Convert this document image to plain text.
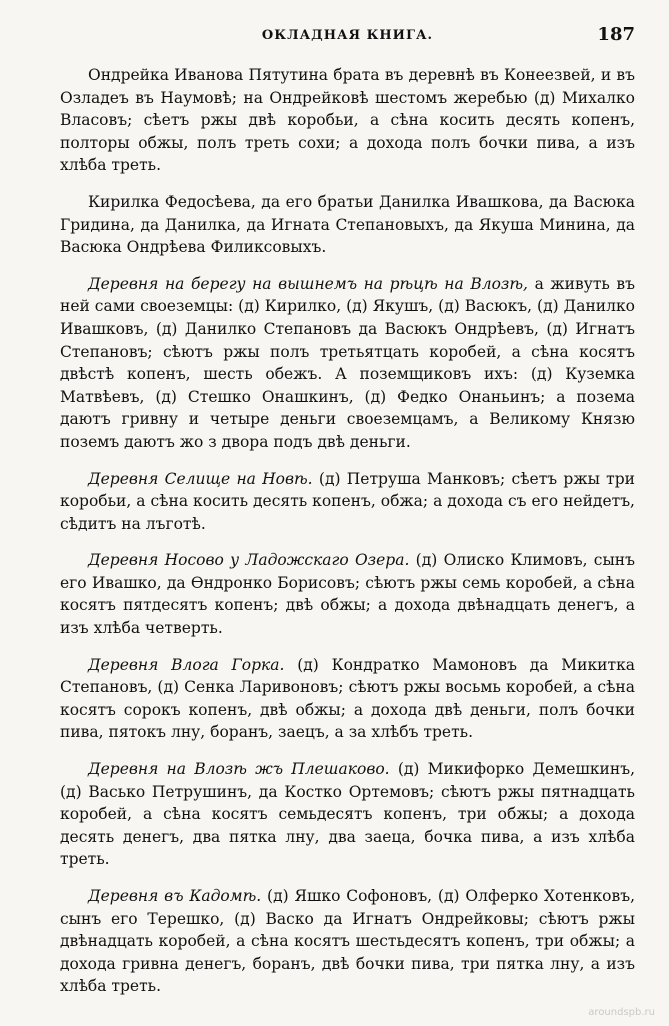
ОКЛАДНАЯ КНИГА.	187

Ондрейка Иванова Пятутина брата въ деревнѣ въ Конеезвей, и въ Озладеъ въ Наумовѣ; на Ондрейковѣ шестомъ жеребью (д) Михалко Власовъ; сѣетъ ржы двѣ коробьи, а сѣна косить десять копенъ, полторы обжы, полъ треть сохи; а дохода полъ бочки пива, а изъ хлѣба треть.

Кирилка Федосѣева, да его братьи Данилка Ивашкова, да Васюка Гридина, да Данилка, да Игната Степановыхъ, да Якуша Минина, да Васюка Ондрѣева Филиксовыхъ.

Деревня на берегу на вышнемъ на рѣцѣ на Влозѣ, а живуть въ ней сами своеземцы: (д) Кирилко, (д) Якушъ, (д) Васюкъ, (д) Данилко Ивашковъ, (д) Данилко Степановъ да Васюкъ Ондрѣевъ, (д) Игнатъ Степановъ; сѣютъ ржы полъ третьятцать коробей, а сѣна косятъ двѣстѣ копенъ, шесть обежъ. А поземщиковъ ихъ: (д) Куземка Матвѣевъ, (д) Стешко Онашкинъ, (д) Федко Онаньинъ; а позема даютъ гривну и четыре деньги своеземцамъ, а Великому Князю поземъ даютъ жо з двора подъ двѣ деньги.

Деревня Селище на Новѣ. (д) Петруша Манковъ; сѣетъ ржы три коробьи, а сѣна косить десять копенъ, обжа; а дохода съ его нейдетъ, сѣдитъ на лъготѣ.

Деревня Носово у Ладожскаго Озера. (д) Олиско Климовъ, сынъ его Ивашко, да Ѳндронко Борисовъ; сѣютъ ржы семь коробей, а сѣна косятъ пятдесятъ копенъ; двѣ обжы; а дохода двѣнадцать денегъ, а изъ хлѣба четверть.

Деревня Влога Горка. (д) Кондратко Мамоновъ да Микитка Степановъ, (д) Сенка Ларивоновъ; сѣютъ ржы восьмь коробей, а сѣна косятъ сорокъ копенъ, двѣ обжы; а дохода двѣ деньги, полъ бочки пива, пятокъ лну, боранъ, заецъ, а за хлѣбъ треть.

Деревня на Влозѣ жъ Плешаково. (д) Микифорко Демешкинъ, (д) Васько Петрушинъ, да Костко Ортемовъ; сѣютъ ржы пятнадцать коробей, а сѣна косятъ семьдесятъ копенъ, три обжы; а дохода десять денегъ, два пятка лну, два заеца, бочка пива, а изъ хлѣба треть.

Деревня въ Кадомѣ. (д) Яшко Софоновъ, (д) Олферко Хотенковъ, сынъ его Терешко, (д) Васко да Игнатъ Ондрейковы; сѣютъ ржы двѣнадцать коробей, а сѣна косятъ шестьдесятъ копенъ, три обжы; а дохода гривна денегъ, боранъ, двѣ бочки пива, три пятка лну, а изъ хлѣба треть.

aroundspb.ru
